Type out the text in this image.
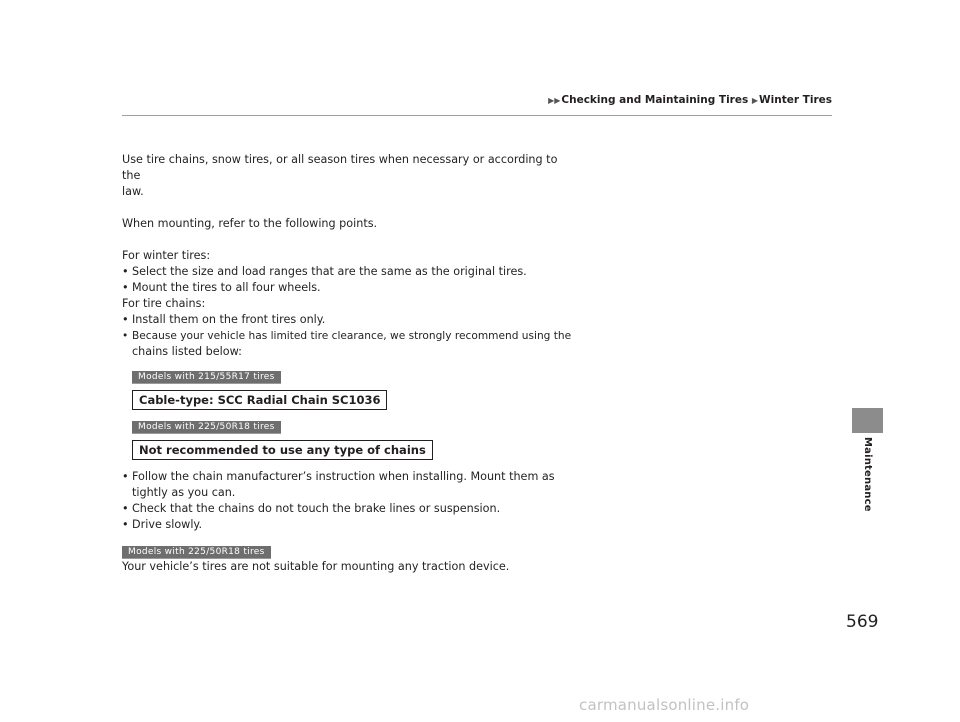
▶▶Checking and Maintaining Tires ▶Winter Tires
Maintenance

Use tire chains, snow tires, or all season tires when necessary or according to the

law.

When mounting, refer to the following points.

For winter tires:

• Select the size and load ranges that are the same as the original tires.
• Mount the tires to all four wheels.

For tire chains:

• Install them on the front tires only.
• Because your vehicle has limited tire clearance, we strongly recommend using the
chains listed below:
Models with 215/55R17 tires
Cable-type: SCC Radial Chain SC1036
Models with 225/50R18 tires
Not recommended to use any type of chains
• Follow the chain manufacturer’s instruction when installing. Mount them as
tightly as you can.
• Check that the chains do not touch the brake lines or suspension.
• Drive slowly.
Models with 225/50R18 tires

Your vehicle’s tires are not suitable for mounting any traction device.

569
carmanualsonline.info
